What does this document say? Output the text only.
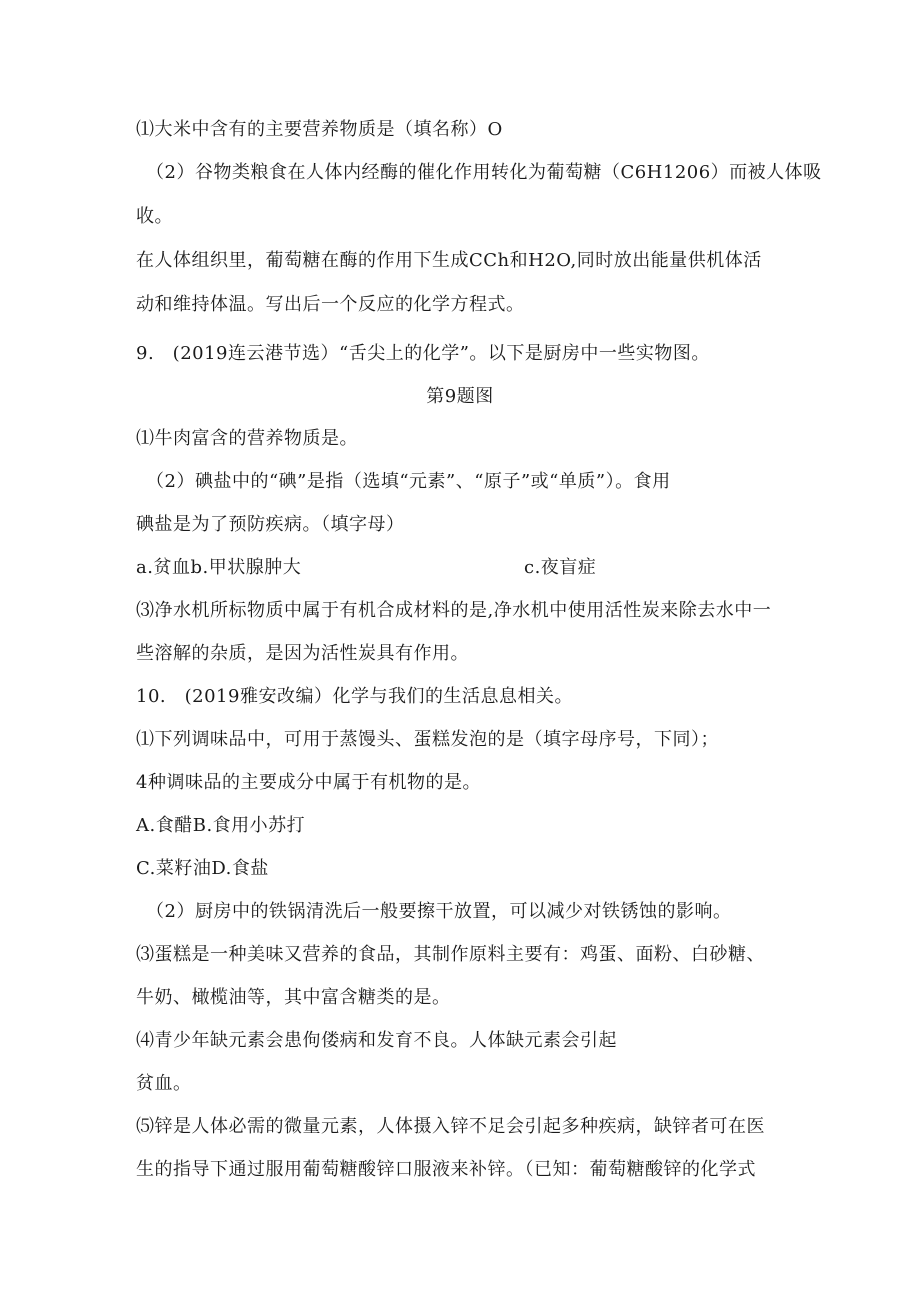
⑴大米中含有的主要营养物质是（填名称）O
（2）谷物类粮食在人体内经酶的催化作用转化为葡萄糖（C6H1206）而被人体吸
收。
在人体组织里，葡萄糖在酶的作用下生成CCh和H2O,同时放出能量供机体活
动和维持体温。写出后一个反应的化学方程式。
9.　(2019连云港节选）“舌尖上的化学”。以下是厨房中一些实物图。
第9题图
⑴牛肉富含的营养物质是。
（2）碘盐中的“碘”是指（选填“元素”、“原子”或“单质”）。食用
碘盐是为了预防疾病。（填字母）
a.贫血b.甲状腺肿大	c.夜盲症
⑶净水机所标物质中属于有机合成材料的是,净水机中使用活性炭来除去水中一
些溶解的杂质，是因为活性炭具有作用。
10.　(2019雅安改编）化学与我们的生活息息相关。
⑴下列调味品中，可用于蒸馒头、蛋糕发泡的是（填字母序号，下同）；
4种调味品的主要成分中属于有机物的是。
A.食醋B.食用小苏打
C.菜籽油D.食盐
（2）厨房中的铁锅清洗后一般要擦干放置，可以减少对铁锈蚀的影响。
⑶蛋糕是一种美味又营养的食品，其制作原料主要有：鸡蛋、面粉、白砂糖、
牛奶、橄榄油等，其中富含糖类的是。
⑷青少年缺元素会患佝偻病和发育不良。人体缺元素会引起
贫血。
⑸锌是人体必需的微量元素，人体摄入锌不足会引起多种疾病，缺锌者可在医
生的指导下通过服用葡萄糖酸锌口服液来补锌。（已知：葡萄糖酸锌的化学式
